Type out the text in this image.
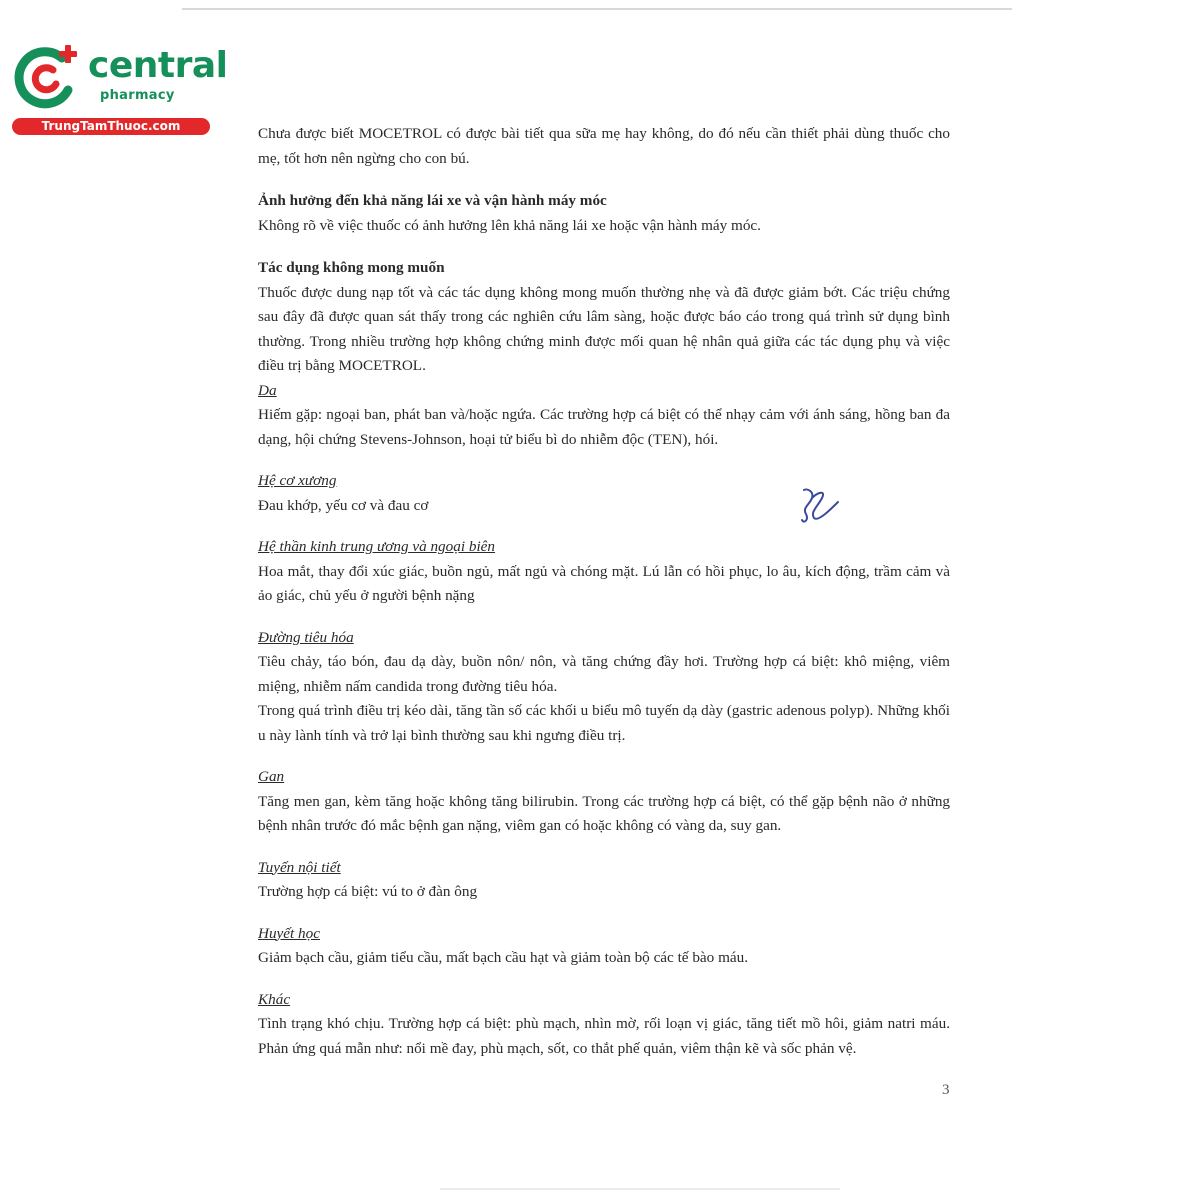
central
pharmacy
TrungTamThuoc.com	Chưa được biết MOCETROL có được bài tiết qua sữa mẹ hay không, do đó nếu cần thiết phải dùng thuốc cho mẹ, tốt hơn nên ngừng cho con bú.

Ảnh hưởng đến khả năng lái xe và vận hành máy móc

Không rõ về việc thuốc có ảnh hưởng lên khả năng lái xe hoặc vận hành máy móc.

Tác dụng không mong muốn

Thuốc được dung nạp tốt và các tác dụng không mong muốn thường nhẹ và đã được giảm bớt. Các triệu chứng sau đây đã được quan sát thấy trong các nghiên cứu lâm sàng, hoặc được báo cáo trong quá trình sử dụng bình thường. Trong nhiều trường hợp không chứng minh được mối quan hệ nhân quả giữa các tác dụng phụ và việc điều trị bằng MOCETROL.

Da

Hiếm gặp: ngoại ban, phát ban và/hoặc ngứa. Các trường hợp cá biệt có thể nhạy cảm với ánh sáng, hồng ban đa dạng, hội chứng Stevens-Johnson, hoại tử biểu bì do nhiễm độc (TEN), hói.

Hệ cơ xương

Đau khớp, yếu cơ và đau cơ

Hệ thần kinh trung ương và ngoại biên

Hoa mắt, thay đổi xúc giác, buồn ngủ, mất ngủ và chóng mặt. Lú lẫn có hồi phục, lo âu, kích động, trầm cảm và ảo giác, chủ yếu ở người bệnh nặng

Đường tiêu hóa

Tiêu chảy, táo bón, đau dạ dày, buồn nôn/ nôn, và tăng chứng đầy hơi. Trường hợp cá biệt: khô miệng, viêm miệng, nhiễm nấm candida trong đường tiêu hóa.

Trong quá trình điều trị kéo dài, tăng tần số các khối u biểu mô tuyến dạ dày (gastric adenous polyp). Những khối u này lành tính và trở lại bình thường sau khi ngưng điều trị.

Gan

Tăng men gan, kèm tăng hoặc không tăng bilirubin. Trong các trường hợp cá biệt, có thể gặp bệnh não ở những bệnh nhân trước đó mắc bệnh gan nặng, viêm gan có hoặc không có vàng da, suy gan.

Tuyến nội tiết

Trường hợp cá biệt: vú to ở đàn ông

Huyết học

Giảm bạch cầu, giảm tiểu cầu, mất bạch cầu hạt và giảm toàn bộ các tế bào máu.

Khác

Tình trạng khó chịu. Trường hợp cá biệt: phù mạch, nhìn mờ, rối loạn vị giác, tăng tiết mồ hôi, giảm natri máu. Phản ứng quá mẫn như: nổi mề đay, phù mạch, sốt, co thắt phế quản, viêm thận kẽ và sốc phản vệ.

3
